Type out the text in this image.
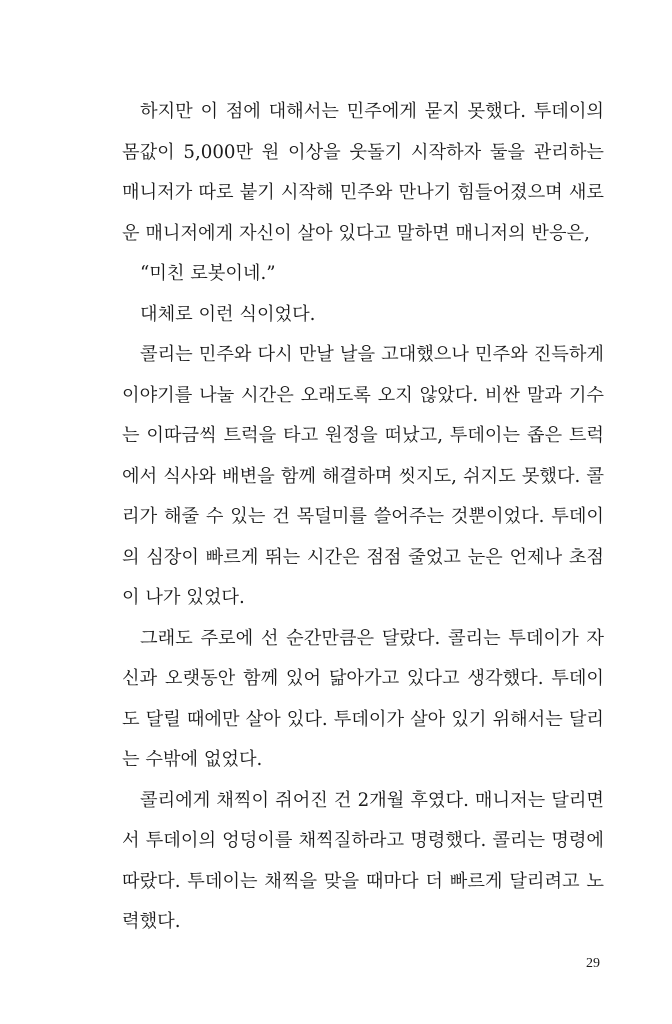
하지만 이 점에 대해서는 민주에게 묻지 못했다. 투데이의 몸값이 5,000만 원 이상을 웃돌기 시작하자 둘을 관리하는 매니저가 따로 붙기 시작해 민주와 만나기 힘들어졌으며 새로운 매니저에게 자신이 살아 있다고 말하면 매니저의 반응은,

“미친 로봇이네.”

대체로 이런 식이었다.

콜리는 민주와 다시 만날 날을 고대했으나 민주와 진득하게 이야기를 나눌 시간은 오래도록 오지 않았다. 비싼 말과 기수는 이따금씩 트럭을 타고 원정을 떠났고, 투데이는 좁은 트럭에서 식사와 배변을 함께 해결하며 씻지도, 쉬지도 못했다. 콜리가 해줄 수 있는 건 목덜미를 쓸어주는 것뿐이었다. 투데이의 심장이 빠르게 뛰는 시간은 점점 줄었고 눈은 언제나 초점이 나가 있었다.

그래도 주로에 선 순간만큼은 달랐다. 콜리는 투데이가 자신과 오랫동안 함께 있어 닮아가고 있다고 생각했다. 투데이도 달릴 때에만 살아 있다. 투데이가 살아 있기 위해서는 달리는 수밖에 없었다.

콜리에게 채찍이 쥐어진 건 2개월 후였다. 매니저는 달리면서 투데이의 엉덩이를 채찍질하라고 명령했다. 콜리는 명령에 따랐다. 투데이는 채찍을 맞을 때마다 더 빠르게 달리려고 노력했다.

29
